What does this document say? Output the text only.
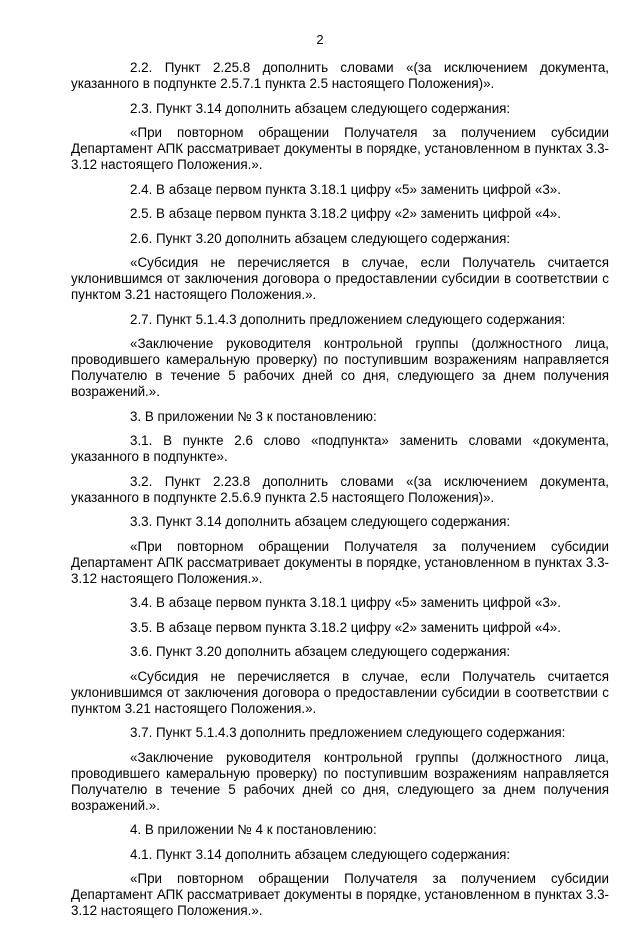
2

2.2. Пункт 2.25.8 дополнить словами «(за исключением документа, указанного в подпункте 2.5.7.1 пункта 2.5 настоящего Положения)».

2.3. Пункт 3.14 дополнить абзацем следующего содержания:

«При повторном обращении Получателя за получением субсидии Департамент АПК рассматривает документы в порядке, установленном в пунктах 3.3-3.12 настоящего Положения.».

2.4. В абзаце первом пункта 3.18.1 цифру «5» заменить цифрой «3».

2.5. В абзаце первом пункта 3.18.2 цифру «2» заменить цифрой «4».

2.6. Пункт 3.20 дополнить абзацем следующего содержания:

«Субсидия не перечисляется в случае, если Получатель считается уклонившимся от заключения договора о предоставлении субсидии в соответствии с пунктом 3.21 настоящего Положения.».

2.7. Пункт 5.1.4.3 дополнить предложением следующего содержания:

«Заключение руководителя контрольной группы (должностного лица, проводившего камеральную проверку) по поступившим возражениям направляется Получателю в течение 5 рабочих дней со дня, следующего за днем получения возражений.».

3. В приложении № 3 к постановлению:

3.1. В пункте 2.6 слово «подпункта» заменить словами «документа, указанного в подпункте».

3.2. Пункт 2.23.8 дополнить словами «(за исключением документа, указанного в подпункте 2.5.6.9 пункта 2.5 настоящего Положения)».

3.3. Пункт 3.14 дополнить абзацем следующего содержания:

«При повторном обращении Получателя за получением субсидии Департамент АПК рассматривает документы в порядке, установленном в пунктах 3.3-3.12 настоящего Положения.».

3.4. В абзаце первом пункта 3.18.1 цифру «5» заменить цифрой «3».

3.5. В абзаце первом пункта 3.18.2 цифру «2» заменить цифрой «4».

3.6. Пункт 3.20 дополнить абзацем следующего содержания:

«Субсидия не перечисляется в случае, если Получатель считается уклонившимся от заключения договора о предоставлении субсидии в соответствии с пунктом 3.21 настоящего Положения.».

3.7. Пункт 5.1.4.3 дополнить предложением следующего содержания:

«Заключение руководителя контрольной группы (должностного лица, проводившего камеральную проверку) по поступившим возражениям направляется Получателю в течение 5 рабочих дней со дня, следующего за днем получения возражений.».

4. В приложении № 4 к постановлению:

4.1. Пункт 3.14 дополнить абзацем следующего содержания:

«При повторном обращении Получателя за получением субсидии Департамент АПК рассматривает документы в порядке, установленном в пунктах 3.3-3.12 настоящего Положения.».
